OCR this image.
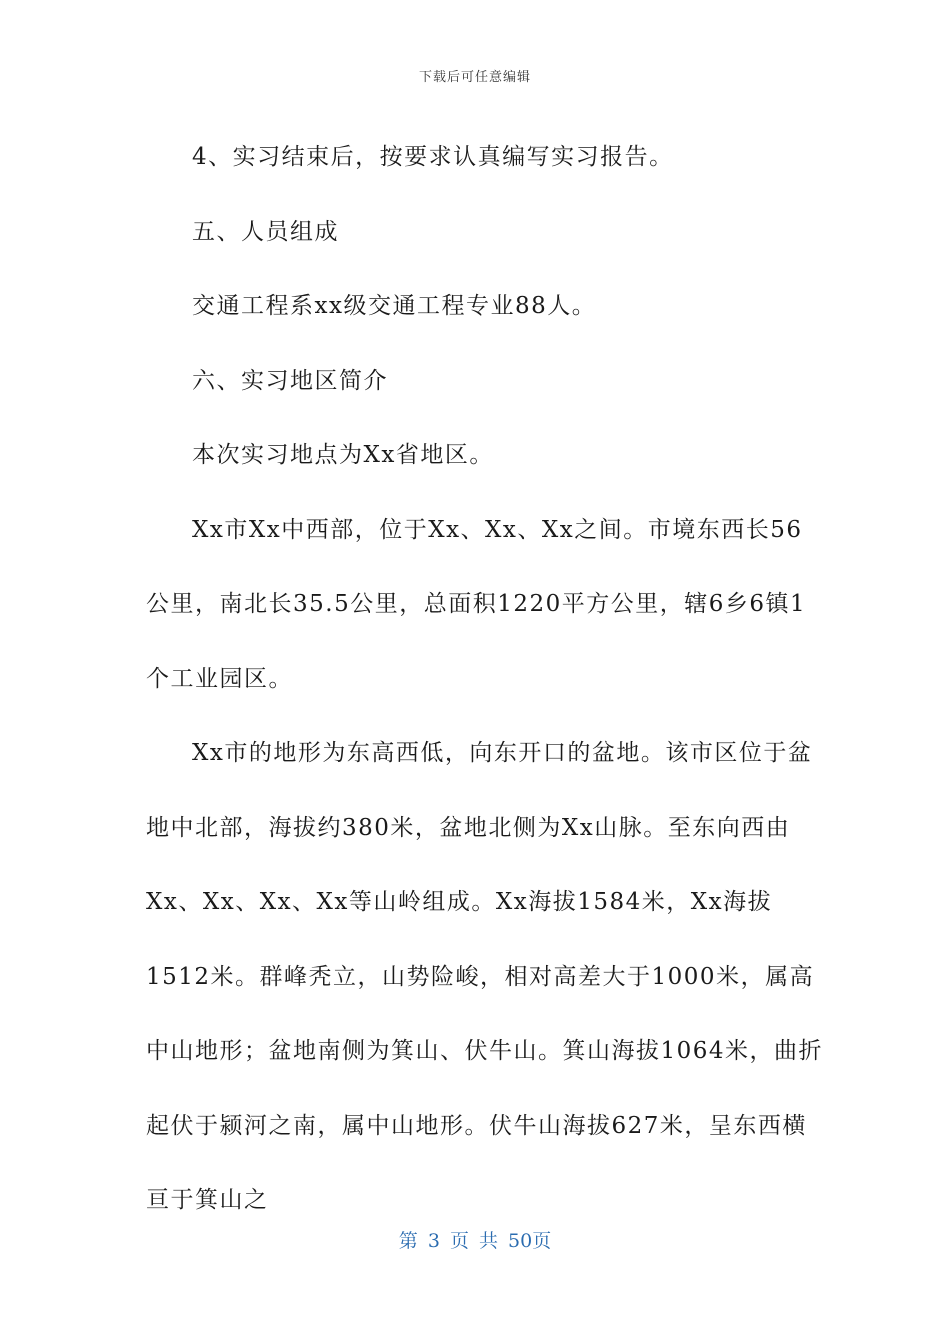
下载后可任意编辑

4、实习结束后，按要求认真编写实习报告。

五、人员组成

交通工程系xx级交通工程专业88人。

六、实习地区简介

本次实习地点为Xx省地区。

Xx市Xx中西部，位于Xx、Xx、Xx之间。市境东西长56公里，南北长35.5公里，总面积1220平方公里，辖6乡6镇1个工业园区。

Xx市的地形为东高西低，向东开口的盆地。该市区位于盆地中北部，海拔约380米，盆地北侧为Xx山脉。至东向西由Xx、Xx、Xx、Xx等山岭组成。Xx海拔1584米，Xx海拔1512米。群峰秃立，山势险峻，相对高差大于1000米，属高中山地形；盆地南侧为箕山、伏牛山。箕山海拔1064米，曲折起伏于颍河之南，属中山地形。伏牛山海拔627米，呈东西横亘于箕山之

第 3 页 共 50页
